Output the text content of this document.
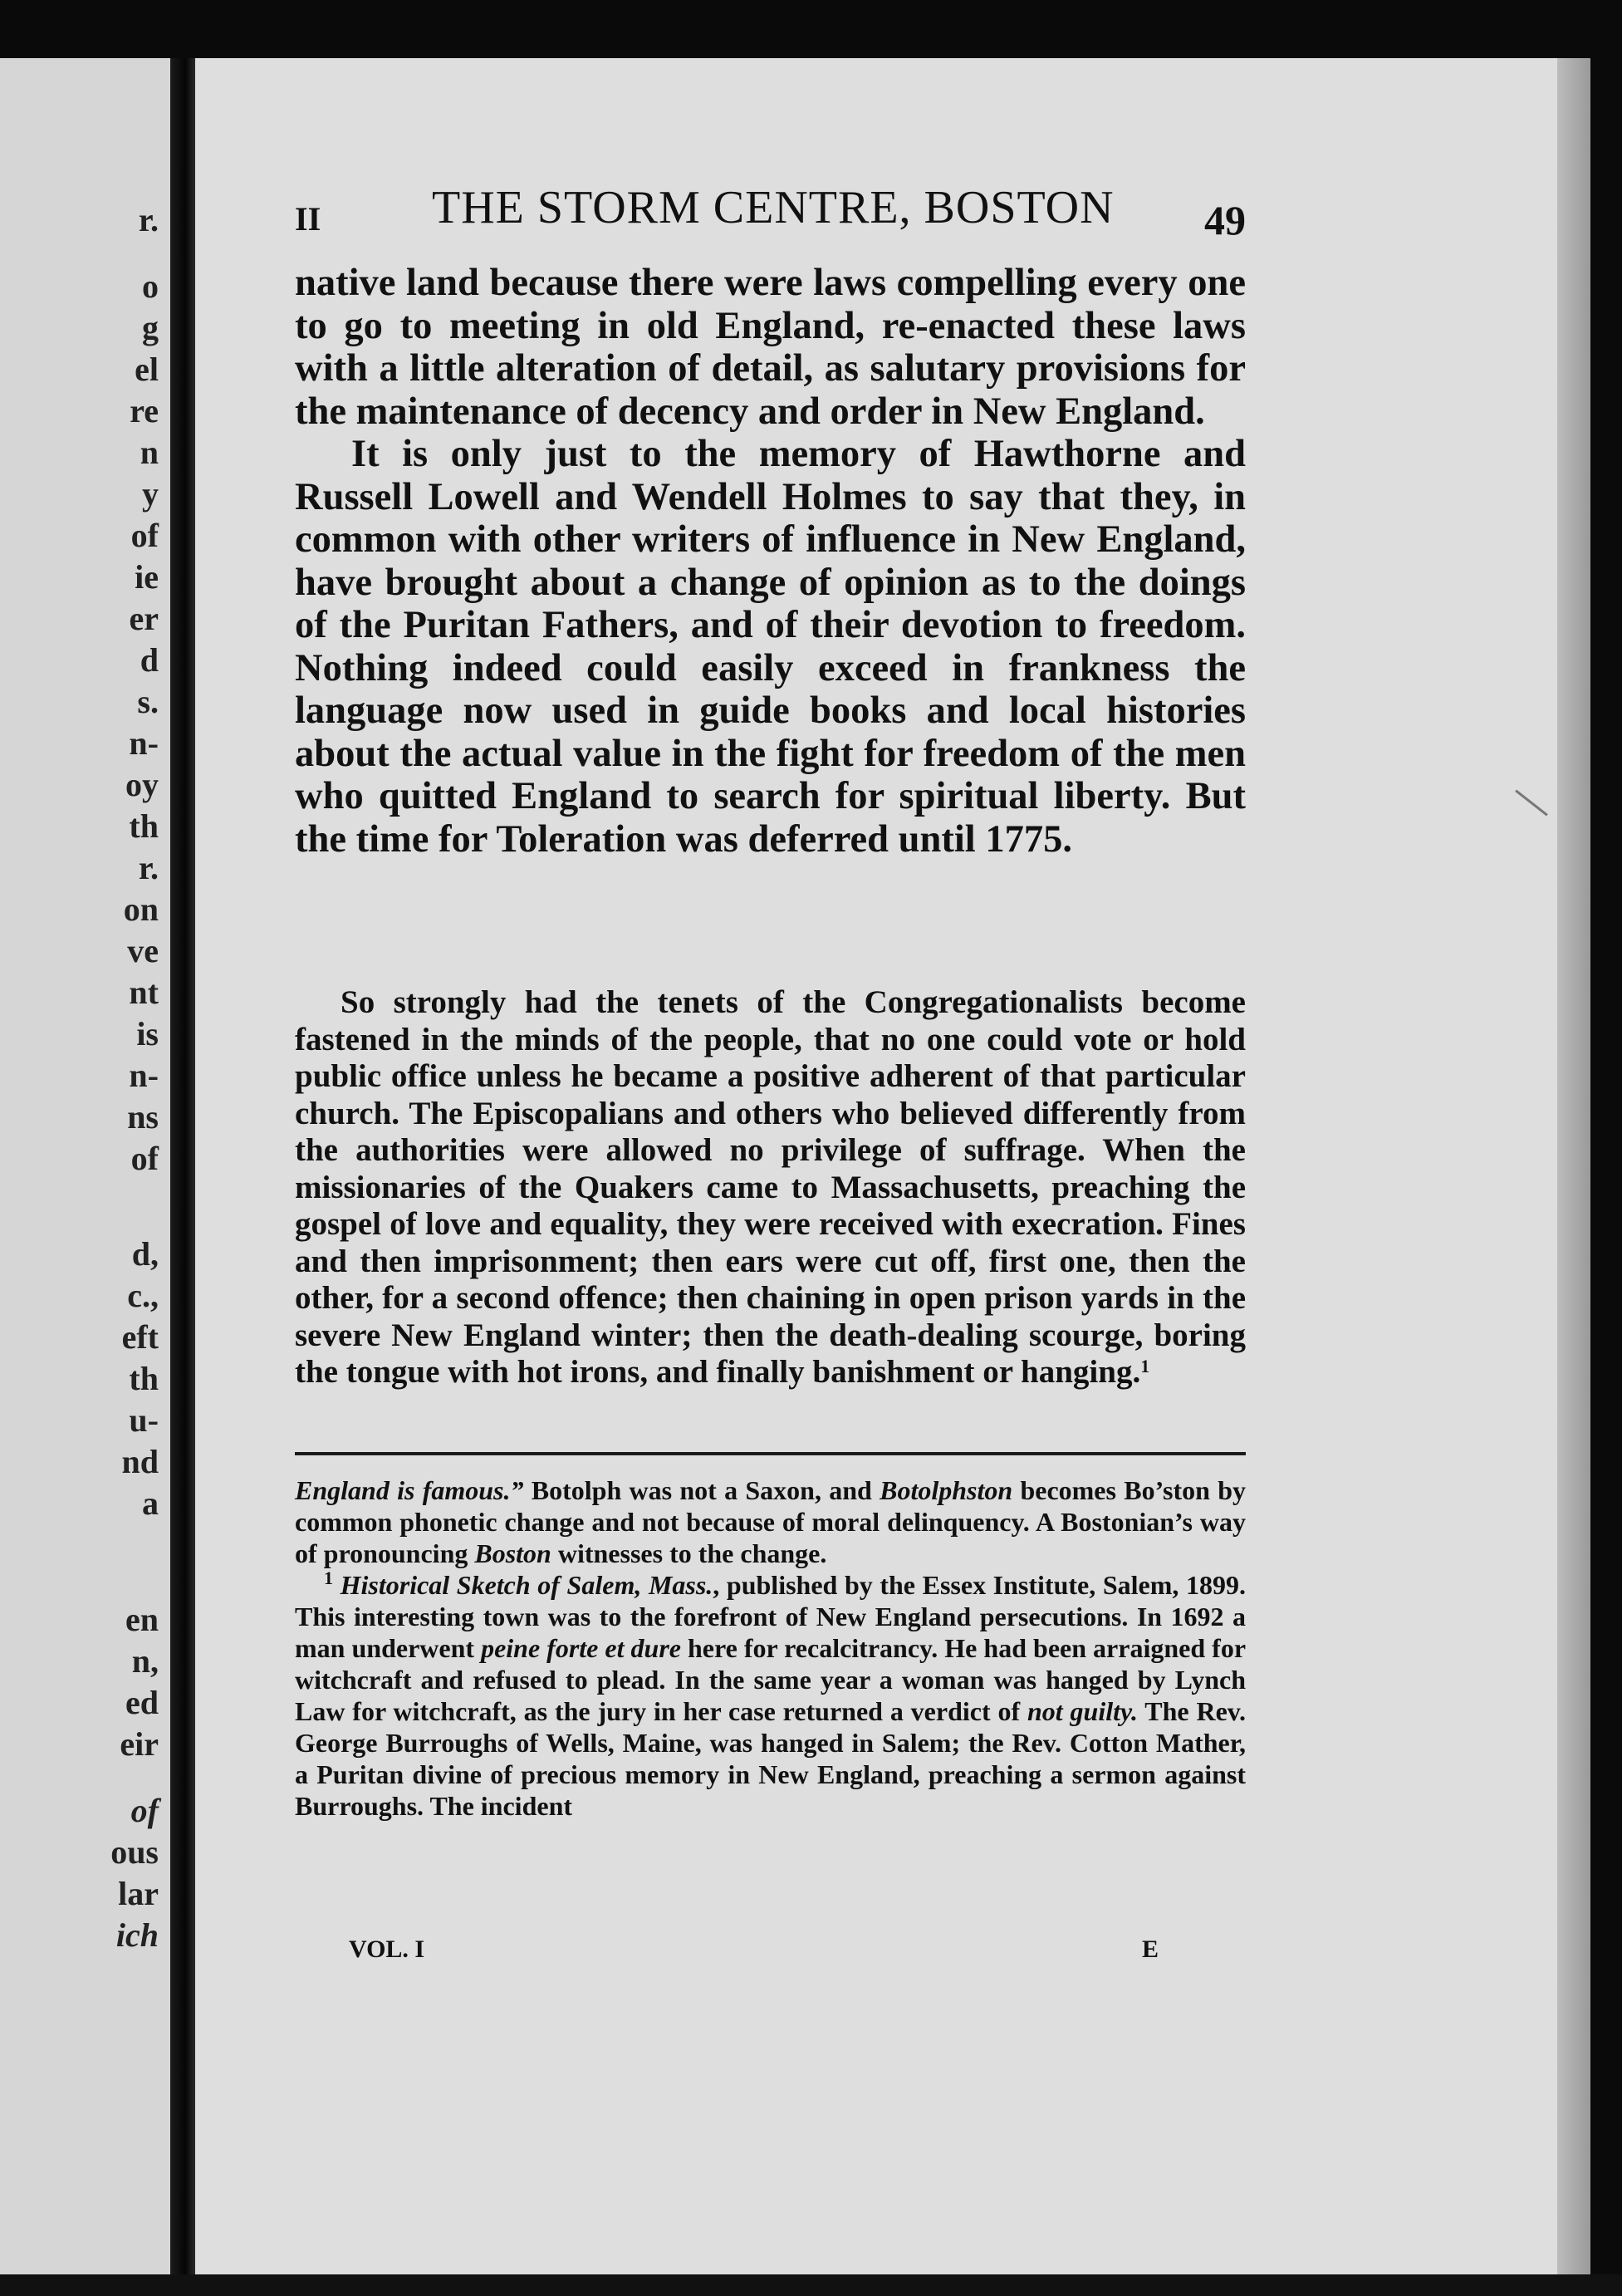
r.
o
g
el
re
n
y
of
ie
er
d
s.
n-
oy
th
r.
on
ve
nt
is
n-
ns
of
d,
c.,
eft
th
u-
nd
a
en
n,
ed
eir
of
ous
lar
ich
II THE STORM CENTRE, BOSTON 49

native land because there were laws compelling every one to go to meeting in old England, re-enacted these laws with a little alteration of detail, as salutary provisions for the maintenance of decency and order in New England.

It is only just to the memory of Hawthorne and Russell Lowell and Wendell Holmes to say that they, in common with other writers of influence in New England, have brought about a change of opinion as to the doings of the Puritan Fathers, and of their devotion to freedom. Nothing indeed could easily exceed in frankness the language now used in guide books and local histories about the actual value in the fight for freedom of the men who quitted England to search for spiritual liberty. But the time for Toleration was deferred until 1775.

So strongly had the tenets of the Congregationalists become fastened in the minds of the people, that no one could vote or hold public office unless he became a positive adherent of that particular church. The Episcopalians and others who believed differently from the authorities were allowed no privilege of suffrage. When the missionaries of the Quakers came to Massachusetts, preaching the gospel of love and equality, they were received with execration. Fines and then imprisonment; then ears were cut off, first one, then the other, for a second offence; then chaining in open prison yards in the severe New England winter; then the death-dealing scourge, boring the tongue with hot irons, and finally banishment or hanging.$^1$

England is famous.” Botolph was not a Saxon, and Botolphston becomes Bo’ston by common phonetic change and not because of moral delinquency. A Bostonian’s way of pronouncing Boston witnesses to the change.

$^1$ Historical Sketch of Salem, Mass., published by the Essex Institute, Salem, 1899. This interesting town was to the forefront of New England persecutions. In 1692 a man underwent peine forte et dure here for recalcitrancy. He had been arraigned for witchcraft and refused to plead. In the same year a woman was hanged by Lynch Law for witchcraft, as the jury in her case returned a verdict of not guilty. The Rev. George Burroughs of Wells, Maine, was hanged in Salem; the Rev. Cotton Mather, a Puritan divine of precious memory in New England, preaching a sermon against Burroughs. The incident

VOL. I	E
